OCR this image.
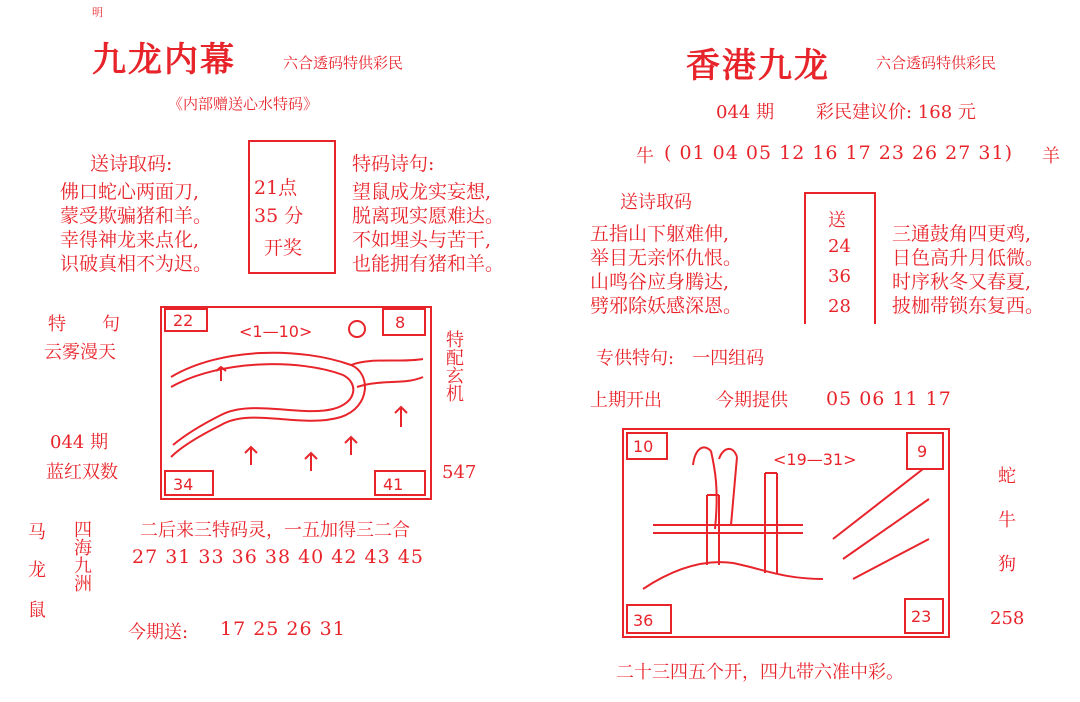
明
九龙内幕	六合透码特供彩民
《内部赠送心水特码》
送诗取码:
佛口蛇心两面刀,
蒙受欺骗猪和羊。
幸得神龙来点化,
识破真相不为迟。
21点
35 分
开奖
特码诗句:
望鼠成龙实妄想,
脱离现实愿难达。
不如埋头与苦干,
也能拥有猪和羊。
特　　句
云雾漫天
044 期
蓝红双数
22	8
34	41
<1—10>	特配玄机
547
马
龙
鼠
四海九洲	二后来三特码灵，一五加得三二合
27 31 33 36 38 40 42 43 45
今期送: 17 25 26 31
香港九龙	六合透码特供彩民
044 期 彩民建议价: 168 元
牛 ( 01 04 05 12 16 17 23 26 27 31) 羊
送诗取码
五指山下躯难伸,
举目无亲怀仇恨。
山鸣谷应身腾达,
劈邪除妖感深恩。
送
24
36
28
三通鼓角四更鸡,
日色高升月低微。
时序秋冬又春夏,
披枷带锁东复西。
专供特句:　一四组码
上期开出	今期提供 05 06 11 17
10	9
36	23
<19—31>
蛇
牛
狗
258
二十三四五个开，四九带六准中彩。
